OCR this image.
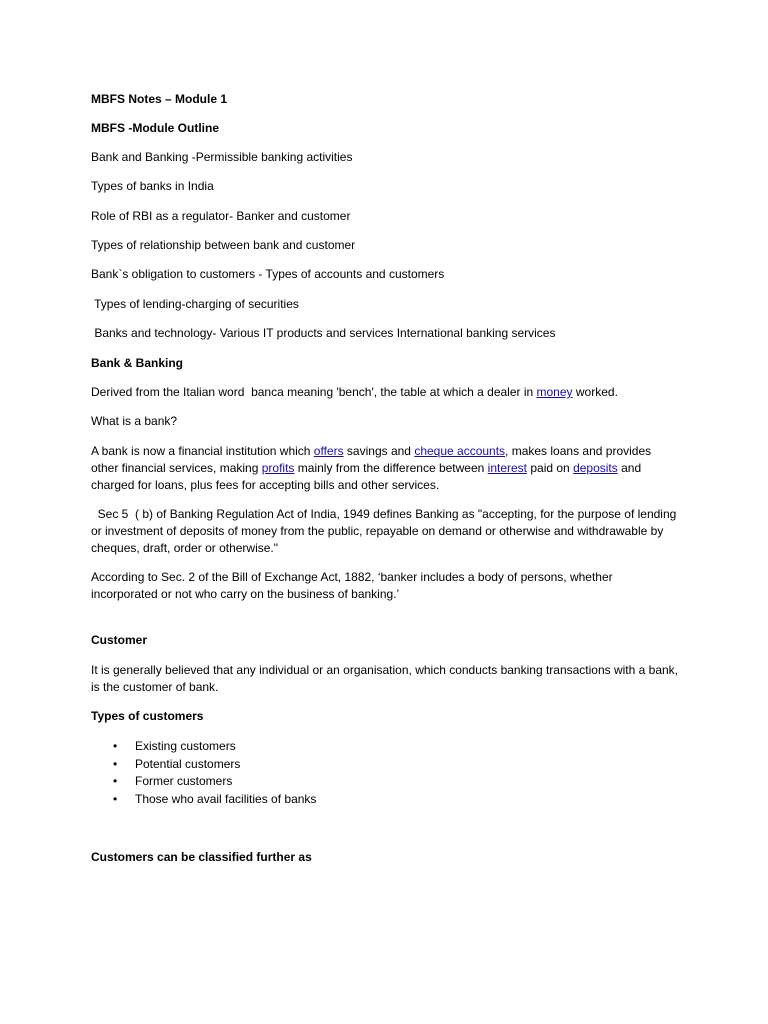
MBFS Notes – Module 1
MBFS -Module Outline
Bank and Banking -Permissible banking activities
Types of banks in India
Role of RBI as a regulator- Banker and customer
Types of relationship between bank and customer
Bank`s obligation to customers - Types of accounts and customers
Types of lending-charging of securities
Banks and technology- Various IT products and services International banking services
Bank & Banking
Derived from the Italian word  banca meaning 'bench', the table at which a dealer in money worked.
What is a bank?
A bank is now a financial institution which offers savings and cheque accounts, makes loans and provides other financial services, making profits mainly from the difference between interest paid on deposits and charged for loans, plus fees for accepting bills and other services.
Sec 5  ( b) of Banking Regulation Act of India, 1949 defines Banking as "accepting, for the purpose of lending or investment of deposits of money from the public, repayable on demand or otherwise and withdrawable by cheques, draft, order or otherwise."
According to Sec. 2 of the Bill of Exchange Act, 1882, ‘banker includes a body of persons, whether incorporated or not who carry on the business of banking.’
Customer
It is generally believed that any individual or an organisation, which conducts banking transactions with a bank, is the customer of bank.
Types of customers
• Existing customers
• Potential customers
• Former customers
• Those who avail facilities of banks
Customers can be classified further as
